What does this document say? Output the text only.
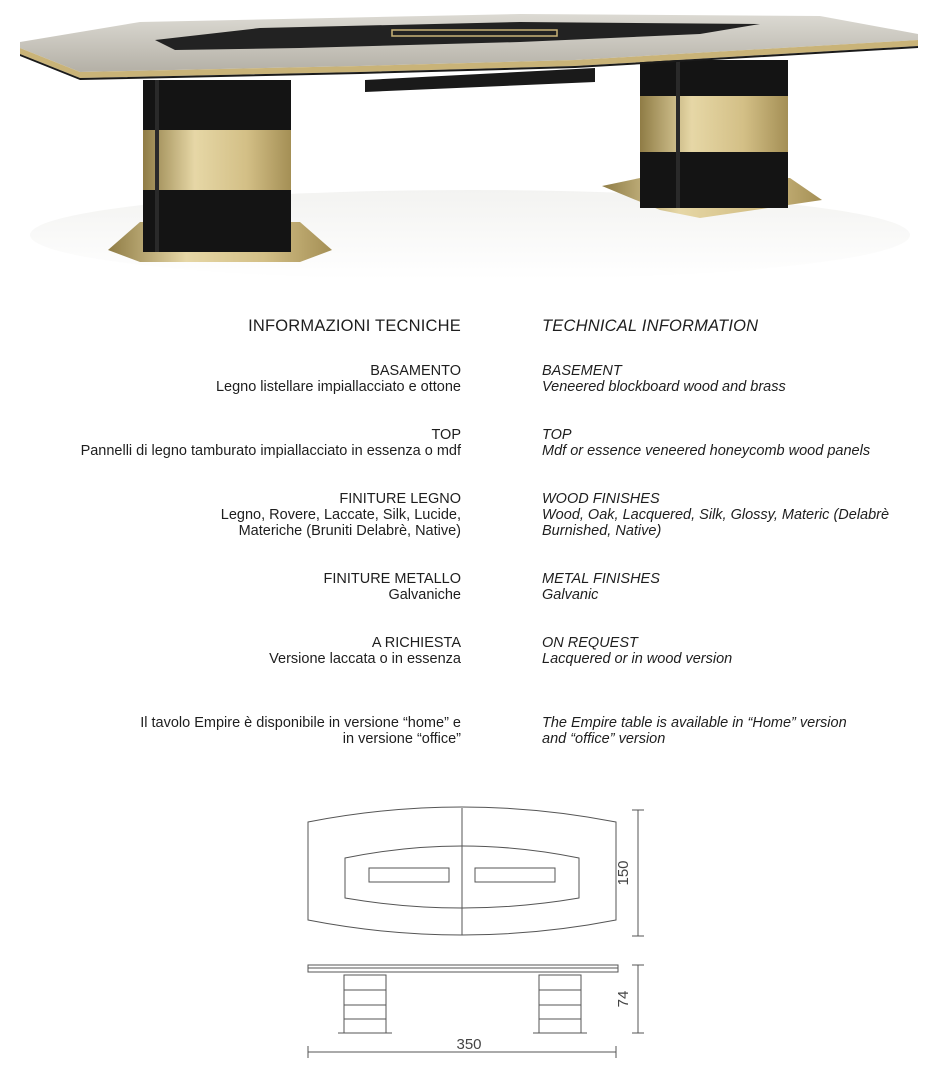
INFORMAZIONI TECNICHE
BASAMENTO
Legno listellare impiallacciato e ottone
TOP
Pannelli di legno tamburato impiallacciato in essenza o mdf
FINITURE LEGNO
Legno, Rovere, Laccate, Silk, Lucide,
Materiche (Bruniti Delabrè, Native)
FINITURE METALLO
Galvaniche
A RICHIESTA
Versione laccata o in essenza
Il tavolo Empire è disponibile in versione “home” e
in versione “office”
TECHNICAL INFORMATION
BASEMENT
Veneered blockboard wood and brass
TOP
Mdf or essence veneered honeycomb wood panels
WOOD FINISHES
Wood, Oak, Lacquered, Silk, Glossy, Materic (Delabrè
Burnished, Native)
METAL FINISHES
Galvanic
ON REQUEST
Lacquered or in wood version
The Empire table is available in “Home” version
and “office” version
150
74
350
